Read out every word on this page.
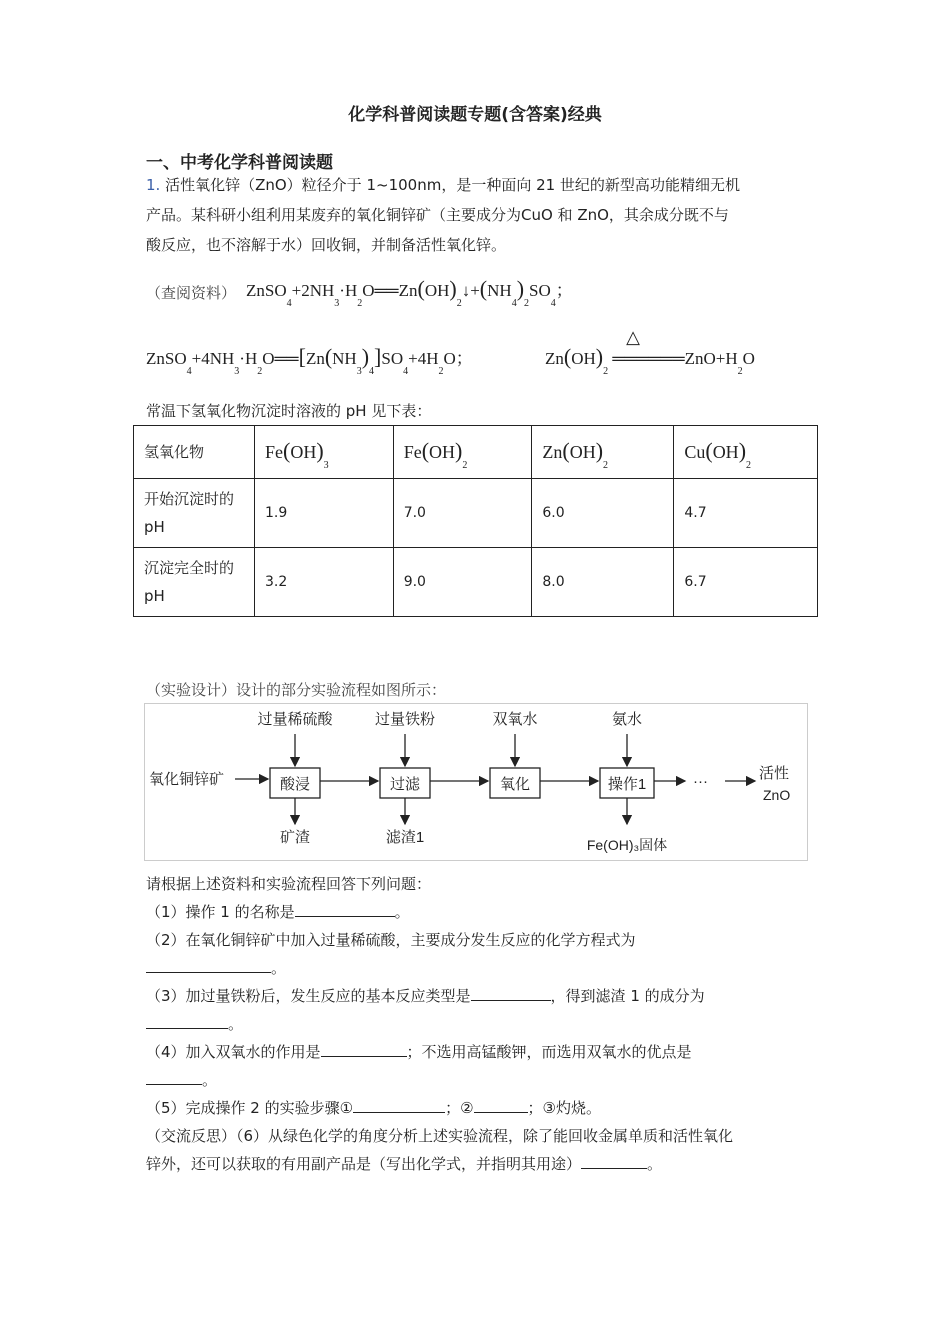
化学科普阅读题专题(含答案)经典
一、中考化学科普阅读题
1. 活性氧化锌（ZnO）粒径介于 1~100nm，是一种面向 21 世纪的新型高功能精细无机
产品。某科研小组利用某废弃的氧化铜锌矿（主要成分为CuO 和 ZnO，其余成分既不与
酸反应，也不溶解于水）回收铜，并制备活性氧化锌。
（查阅资料） $ZnSO_4+2NH_3\cdot H_2O══Zn(OH)_2↓+(NH_4)_2SO_4$；
$ZnSO_4+4NH_3\cdot H_2O══[Zn(NH_3)_4]SO_4+4H_2O$；	$Zn(OH)_2$
△
$══════ZnO+H_2O$
常温下氢氧化物沉淀时溶液的 pH 见下表：
氢氧化物	$Fe(OH)_3$	$Fe(OH)_2$	$Zn(OH)_2$	$Cu(OH)_2$
开始沉淀时的
pH	1.9	7.0	6.0	4.7
沉淀完全时的
pH	3.2	9.0	8.0	6.7
（实验设计）设计的部分实验流程如图所示：
过量稀硫酸	过量铁粉	双氧水	氨水
氧化铜锌矿	酸浸	过滤	氧化	操作1	···	活性
ZnO
矿渣	滤渣1	Fe(OH)₃固体
请根据上述资料和实验流程回答下列问题：
（1）操作 1 的名称是	。
（2）在氧化铜锌矿中加入过量稀硫酸，主要成分发生反应的化学方程式为
。
（3）加过量铁粉后，发生反应的基本反应类型是	，得到滤渣 1 的成分为
。
（4）加入双氧水的作用是	；不选用高锰酸钾，而选用双氧水的优点是
。
（5）完成操作 2 的实验步骤①	；②	；③灼烧。
（交流反思）（6）从绿色化学的角度分析上述实验流程，除了能回收金属单质和活性氧化
锌外，还可以获取的有用副产品是（写出化学式，并指明其用途）	。
